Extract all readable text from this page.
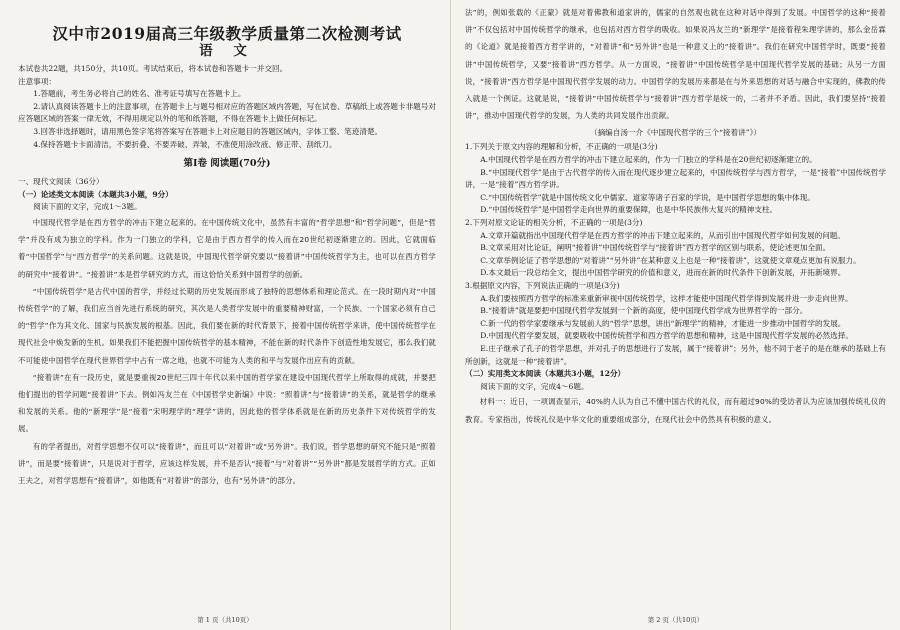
汉中市2019届高三年级教学质量第二次检测考试
语 文

本试卷共22题，共150分，共10页。考试结束后，将本试卷和答题卡一并交回。

注意事项：

1.答题前，考生务必将自己的姓名、准考证号填写在答题卡上。

2.请认真阅读答题卡上的注意事项，在答题卡上与题号相对应的答题区域内答题，写在试卷、草稿纸上或答题卡非题号对应答题区域的答案一律无效，不得用规定以外的笔和纸答题，不得在答题卡上做任何标记。

3.回答非选择题时，请用黑色签字笔将答案写在答题卡上对应题目的答题区域内，字体工整、笔迹清楚。

4.保持答题卡卡面清洁，不要折叠、不要弄破、弄皱，不准使用涂改液、修正带、刮纸刀。

第Ⅰ卷 阅读题(70分)

一、现代文阅读（36分）

（一）论述类文本阅读（本题共3小题，9分）

阅读下面的文字，完成1～3题。

中国现代哲学是在西方哲学的冲击下建立起来的。在中国传统文化中，虽然有丰富的“哲学思想”和“哲学问题”，但是“哲学”并没有成为独立的学科。作为一门独立的学科，它是由于西方哲学的传入而在20世纪初逐渐建立的。因此，它就面临着“中国哲学”与“西方哲学”的关系问题。这就是说，中国现代哲学研究要以“接着讲”中国传统哲学为主，也可以在西方哲学的研究中“接着讲”。“接着讲”本是哲学研究的方式，而这恰恰关系到中国哲学的创新。

“中国传统哲学”是古代中国的哲学，并经过长期的历史发展而形成了独特的思想体系和理论范式。在一段时期内对“中国传统哲学”的了解，我们应当首先进行系统的研究，其次是人类哲学发展中的重要精神财富，一个民族、一个国家必须有自己的“哲学”作为其文化、国家与民族发展的根基。因此，我们要在新的时代背景下，接着中国传统哲学来讲，使中国传统哲学在现代社会中焕发新的生机。如果我们不能把握中国传统哲学的基本精神，不能在新的时代条件下创造性地发展它，那么我们就不可能使中国哲学在现代世界哲学中占有一席之地，也就不可能为人类的和平与发展作出应有的贡献。

“接着讲”在有一段历史，就是要重视20世纪三四十年代以来中国的哲学家在建设中国现代哲学上所取得的成就，并要把他们提出的哲学问题“接着讲”下去。例如冯友兰在《中国哲学史新编》中说：“照着讲”与“接着讲”的关系，就是哲学的继承和发展的关系。他的“新理学”是“接着”宋明理学的“理学”讲的，因此他的哲学体系就是在新的历史条件下对传统哲学的发展。

有的学者提出，对哲学思想不仅可以“接着讲”，而且可以“对着讲”或“另外讲”。我们说，哲学思想的研究不能只是“照着讲”，而是要“接着讲”，只是说对于哲学，应该这样发展，并不是否认“接着”与“对着讲”“另外讲”都是发展哲学的方式。正如王夫之，对哲学思想有“接着讲”，如他既有“对着讲”的部分，也有“另外讲”的部分。

第 1 页（共10页）

法”的，例如张载的《正蒙》就是对着佛教和道家讲的，儒家的自然观也就在这种对话中得到了发展。中国哲学的这种“接着讲”不仅包括对中国传统哲学的继承，也包括对西方哲学的吸收。如果说冯友兰的“新理学”是接着程朱理学讲的，那么金岳霖的《论道》就是接着西方哲学讲的，“对着讲”和“另外讲”也是一种意义上的“接着讲”。我们在研究中国哲学时，既要“接着讲”中国传统哲学，又要“接着讲”西方哲学。从一方面说，“接着讲”中国传统哲学是中国现代哲学发展的基础；从另一方面说，“接着讲”西方哲学是中国现代哲学发展的动力。中国哲学的发展历来都是在与外来思想的对话与融合中实现的，佛教的传入就是一个例证。这就是说，“接着讲”中国传统哲学与“接着讲”西方哲学是统一的，二者并不矛盾。因此，我们要坚持“接着讲”，推动中国现代哲学的发展，为人类的共同发展作出贡献。

（摘编自汤一介《中国现代哲学的三个“接着讲”》）

1.下列关于原文内容的理解和分析，不正确的一项是(3分)

A.中国现代哲学是在西方哲学的冲击下建立起来的，作为一门独立的学科是在20世纪初逐渐建立的。

B.“中国现代哲学”是由于古代哲学的传入而在现代逐步建立起来的，中国传统哲学与西方哲学，一是“接着”中国传统哲学讲，一是“接着”西方哲学讲。

C.“中国传统哲学”就是中国传统文化中儒家、道家等诸子百家的学说，是中国哲学思想的集中体现。

D.“中国传统哲学”是中国哲学走向世界的重要保障，也是中华民族伟大复兴的精神支柱。

2.下列对原文论证的相关分析，不正确的一项是(3分)

A.文章开篇就指出中国现代哲学是在西方哲学的冲击下建立起来的，从而引出中国现代哲学如何发展的问题。

B.文章采用对比论证，阐明“接着讲”中国传统哲学与“接着讲”西方哲学的区别与联系，使论述更加全面。

C.文章举例论证了哲学思想的“对着讲”“另外讲”在某种意义上也是一种“接着讲”，这就使文章观点更加有说服力。

D.本文最后一段总结全文，提出中国哲学研究的价值和意义，进而在新的时代条件下创新发展，开拓新境界。

3.根据原文内容，下列说法正确的一项是(3分)

A.我们要按照西方哲学的标准来重新审视中国传统哲学，这样才能使中国现代哲学得到发展并进一步走向世界。

B.“接着讲”就是要把中国现代哲学发展到一个新的高度，使中国现代哲学成为世界哲学的一部分。

C.新一代的哲学家要继承与发展前人的“哲学”思想，讲出“新理学”的精神，才能进一步推动中国哲学的发展。

D.中国现代哲学要发展，就要吸收中国传统哲学和西方哲学的思想和精神，这是中国现代哲学发展的必然选择。

E.庄子继承了孔子的哲学思想，并对孔子的思想进行了发展，属于“接着讲”；另外，他不同于老子的是在继承的基础上有所创新，这就是一种“接着讲”。

（二）实用类文本阅读（本题共3小题，12分）

阅读下面的文字，完成4～6题。

材料一：近日，一项调查显示，40%的人认为自己不懂中国古代的礼仪，而有超过90%的受访者认为应该加强传统礼仪的教育。专家指出，传统礼仪是中华文化的重要组成部分，在现代社会中仍然具有积极的意义。

第 2 页（共10页）
